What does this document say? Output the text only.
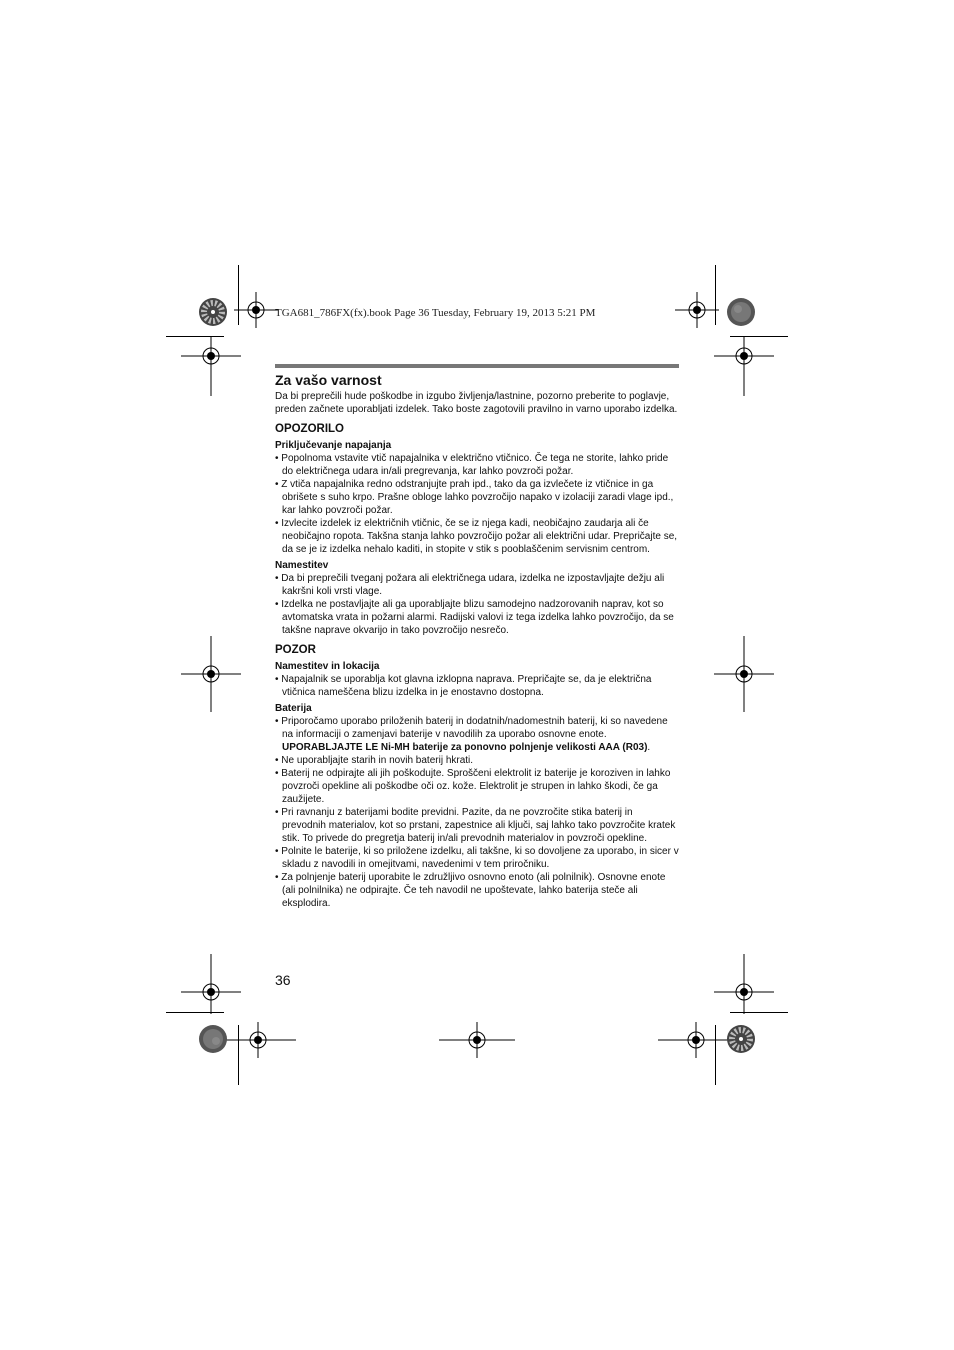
TGA681_786FX(fx).book Page 36 Tuesday, February 19, 2013 5:21 PM
Za vašo varnost

Da bi preprečili hude poškodbe in izgubo življenja/lastnine, pozorno preberite to poglavje, preden začnete uporabljati izdelek. Tako boste zagotovili pravilno in varno uporabo izdelka.

OPOZORILO
Priključevanje napajanja
• Popolnoma vstavite vtič napajalnika v električno vtičnico. Če tega ne storite, lahko pride do električnega udara in/ali pregrevanja, kar lahko povzroči požar.
• Z vtiča napajalnika redno odstranjujte prah ipd., tako da ga izvlečete iz vtičnice in ga obrišete s suho krpo. Prašne obloge lahko povzročijo napako v izolaciji zaradi vlage ipd., kar lahko povzroči požar.
• Izvlecite izdelek iz električnih vtičnic, če se iz njega kadi, neobičajno zaudarja ali če neobičajno ropota. Takšna stanja lahko povzročijo požar ali električni udar. Prepričajte se, da se je iz izdelka nehalo kaditi, in stopite v stik s pooblaščenim servisnim centrom.
Namestitev
• Da bi preprečili tveganj požara ali električnega udara, izdelka ne izpostavljajte dežju ali kakršni koli vrsti vlage.
• Izdelka ne postavljajte ali ga uporabljajte blizu samodejno nadzorovanih naprav, kot so avtomatska vrata in požarni alarmi. Radijski valovi iz tega izdelka lahko povzročijo, da se takšne naprave okvarijo in tako povzročijo nesrečo.
POZOR
Namestitev in lokacija
• Napajalnik se uporablja kot glavna izklopna naprava. Prepričajte se, da je električna vtičnica nameščena blizu izdelka in je enostavno dostopna.
Baterija
• Priporočamo uporabo priloženih baterij in dodatnih/nadomestnih baterij, ki so navedene na informaciji o zamenjavi baterije v navodilih za uporabo osnovne enote. UPORABLJAJTE LE Ni-MH baterije za ponovno polnjenje velikosti AAA (R03).
• Ne uporabljajte starih in novih baterij hkrati.
• Baterij ne odpirajte ali jih poškodujte. Sproščeni elektrolit iz baterije je koroziven in lahko povzroči opekline ali poškodbe oči oz. kože. Elektrolit je strupen in lahko škodi, če ga zaužijete.
• Pri ravnanju z baterijami bodite previdni. Pazite, da ne povzročite stika baterij in prevodnih materialov, kot so prstani, zapestnice ali ključi, saj lahko tako povzročite kratek stik. To privede do pregretja baterij in/ali prevodnih materialov in povzroči opekline.
• Polnite le baterije, ki so priložene izdelku, ali takšne, ki so dovoljene za uporabo, in sicer v skladu z navodili in omejitvami, navedenimi v tem priročniku.
• Za polnjenje baterij uporabite le združljivo osnovno enoto (ali polnilnik). Osnovne enote (ali polnilnika) ne odpirajte. Če teh navodil ne upoštevate, lahko baterija steče ali eksplodira.
36
